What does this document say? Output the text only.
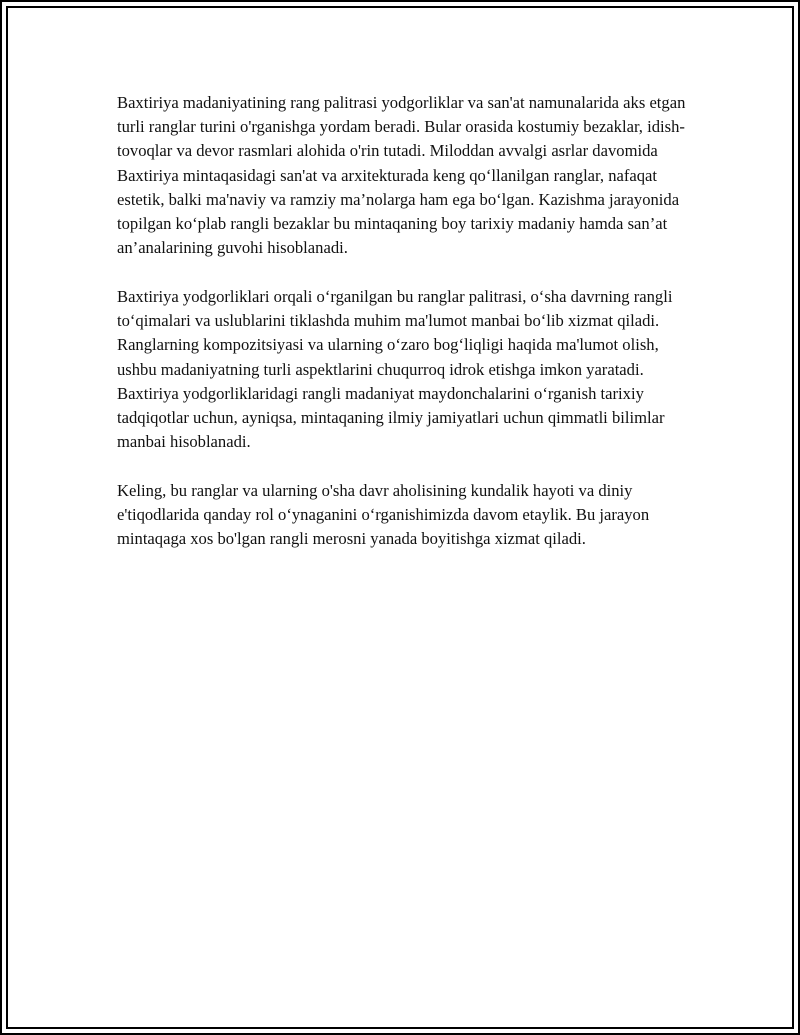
Baxtiriya madaniyatining rang palitrasi yodgorliklar va san'at namunalarida aks etgan turli ranglar turini o'rganishga yordam beradi. Bular orasida kostumiy bezaklar, idish-tovoqlar va devor rasmlari alohida o'rin tutadi. Miloddan avvalgi asrlar davomida Baxtiriya mintaqasidagi san'at va arxitekturada keng qo‘llanilgan ranglar, nafaqat estetik, balki ma'naviy va ramziy ma’nolarga ham ega bo‘lgan. Kazishma jarayonida topilgan ko‘plab rangli bezaklar bu mintaqaning boy tarixiy madaniy hamda san’at an’analarining guvohi hisoblanadi.

Baxtiriya yodgorliklari orqali o‘rganilgan bu ranglar palitrasi, o‘sha davrning rangli to‘qimalari va uslublarini tiklashda muhim ma'lumot manbai bo‘lib xizmat qiladi. Ranglarning kompozitsiyasi va ularning o‘zaro bog‘liqligi haqida ma'lumot olish, ushbu madaniyatning turli aspektlarini chuqurroq idrok etishga imkon yaratadi. Baxtiriya yodgorliklaridagi rangli madaniyat maydonchalarini o‘rganish tarixiy tadqiqotlar uchun, ayniqsa, mintaqaning ilmiy jamiyatlari uchun qimmatli bilimlar manbai hisoblanadi.

Keling, bu ranglar va ularning o'sha davr aholisining kundalik hayoti va diniy e'tiqodlarida qanday rol o‘ynaganini o‘rganishimizda davom etaylik. Bu jarayon mintaqaga xos bo'lgan rangli merosni yanada boyitishga xizmat qiladi.
